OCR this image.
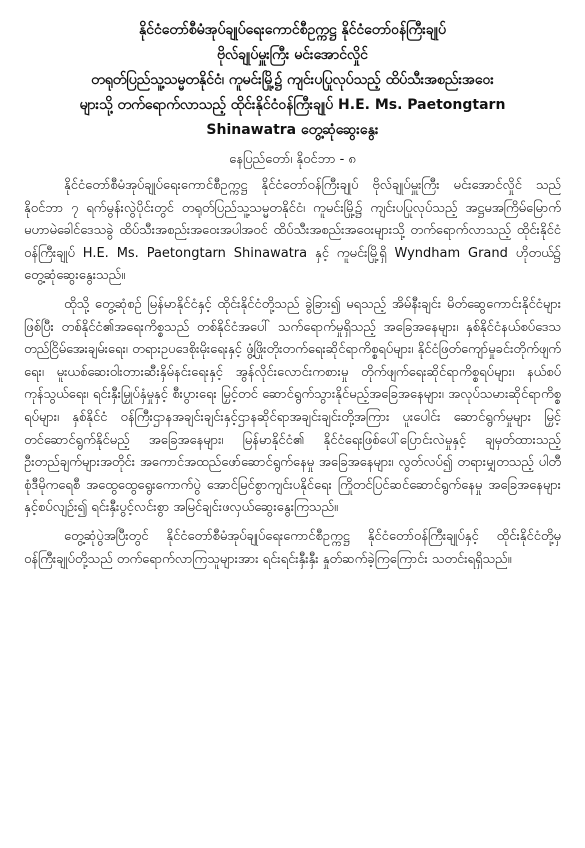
နိုင်ငံတော်စီမံအုပ်ချုပ်ရေးကောင်စီဥက္ကဋ္ဌ နိုင်ငံတော်ဝန်ကြီးချုပ်
ဗိုလ်ချုပ်မှူးကြီး မင်းအောင်လှိုင်
တရုတ်ပြည်သူ့သမ္မတနိုင်ငံ၊ ကူမင်းမြို့၌ ကျင်းပပြုလုပ်သည့် ထိပ်သီးအစည်းအဝေး
များသို့ တက်ရောက်လာသည့် ထိုင်းနိုင်ငံဝန်ကြီးချုပ် H.E. Ms. Paetongtarn
Shinawatra တွေ့ဆုံဆွေးနွေး
နေပြည်တော်၊ နိုဝင်ဘာ - ၈

နိုင်ငံတော်စီမံအုပ်ချုပ်ရေးကောင်စီဥက္ကဋ္ဌ နိုင်ငံတော်ဝန်ကြီးချုပ် ဗိုလ်ချုပ်မှူးကြီး မင်းအောင်လှိုင် သည် နိုဝင်ဘာ ၇ ရက်မွန်းလွဲပိုင်းတွင် တရုတ်ပြည်သူ့သမ္မတနိုင်ငံ၊ ကူမင်းမြို့၌ ကျင်းပပြုလုပ်သည့် အဋ္ဌမအကြိမ်မြောက် မဟာမဲခေါင်ဒေသခွဲ ထိပ်သီးအစည်းအဝေးအပါအဝင် ထိပ်သီးအစည်းအဝေးများသို့ တက်ရောက်လာသည့် ထိုင်းနိုင်ငံဝန်ကြီးချုပ် H.E. Ms. Paetongtarn Shinawatra နှင့် ကူမင်းမြို့ရှိ Wyndham Grand ဟိုတယ်၌ တွေ့ဆုံဆွေးနွေးသည်။

ထိုသို့ တွေ့ဆုံစဉ် မြန်မာနိုင်ငံနှင့် ထိုင်းနိုင်ငံတို့သည် ခွဲခြား၍ မရသည့် အိမ်နီးချင်း မိတ်ဆွေကောင်းနိုင်ငံများဖြစ်ပြီး တစ်နိုင်ငံ၏အရေးကိစ္စသည် တစ်နိုင်ငံအပေါ် သက်ရောက်မှုရှိသည့် အခြေအနေများ၊ နှစ်နိုင်ငံနယ်စပ်ဒေသတည်ငြိမ်အေးချမ်းရေး၊ တရားဥပဒေစိုးမိုးရေးနှင့် ဖွံ့ဖြိုးတိုးတက်ရေးဆိုင်ရာကိစ္စရပ်များ၊ နိုင်ငံဖြတ်ကျော်မှုခင်းတိုက်ဖျက်ရေး၊ မူးယစ်ဆေးဝါးတားဆီးနှိမ်နင်းရေးနှင့် အွန်လိုင်းလောင်းကစားမှု တိုက်ဖျက်ရေးဆိုင်ရာကိစ္စရပ်များ၊ နယ်စပ်ကုန်သွယ်ရေး၊ ရင်းနှီးမြှုပ်နှံမှုနှင့် စီးပွားရေး မြှင့်တင် ဆောင်ရွက်သွားနိုင်မည့်အခြေအနေများ၊ အလုပ်သမားဆိုင်ရာကိစ္စရပ်များ၊ နှစ်နိုင်ငံ ဝန်ကြီးဌာနအချင်းချင်းနှင့်ဌာနဆိုင်ရာအချင်းချင်းတို့အကြား ပူးပေါင်း ဆောင်ရွက်မှုများ မြှင့်တင်ဆောင်ရွက်နိုင်မည့် အခြေအနေများ၊ မြန်မာနိုင်ငံ၏ နိုင်ငံရေးဖြစ်ပေါ်ပြောင်းလဲမှုနှင့် ချမှတ်ထားသည့် ဦးတည်ချက်များအတိုင်း အကောင်အထည်ဖော်ဆောင်ရွက်နေမှု အခြေအနေများ၊ လွတ်လပ်၍ တရားမျှတသည့် ပါတီစုံဒီမိုကရေစီ အထွေထွေရွေးကောက်ပွဲ အောင်မြင်စွာကျင်းပနိုင်ရေး ကြိုတင်ပြင်ဆင်ဆောင်ရွက်နေမှု အခြေအနေများနှင့်စပ်လျဉ်း၍ ရင်းနှီးပွင့်လင်းစွာ အမြင်ချင်းဖလှယ်ဆွေးနွေးကြသည်။

တွေ့ဆုံပွဲအပြီးတွင် နိုင်ငံတော်စီမံအုပ်ချုပ်ရေးကောင်စီဥက္ကဋ္ဌ နိုင်ငံတော်ဝန်ကြီးချုပ်နှင့် ထိုင်းနိုင်ငံတို့မှ ဝန်ကြီးချုပ်တို့သည် တက်ရောက်လာကြသူများအား ရင်းရင်းနှီးနှီး နှုတ်ဆက်ခဲ့ကြကြောင်း သတင်းရရှိသည်။
